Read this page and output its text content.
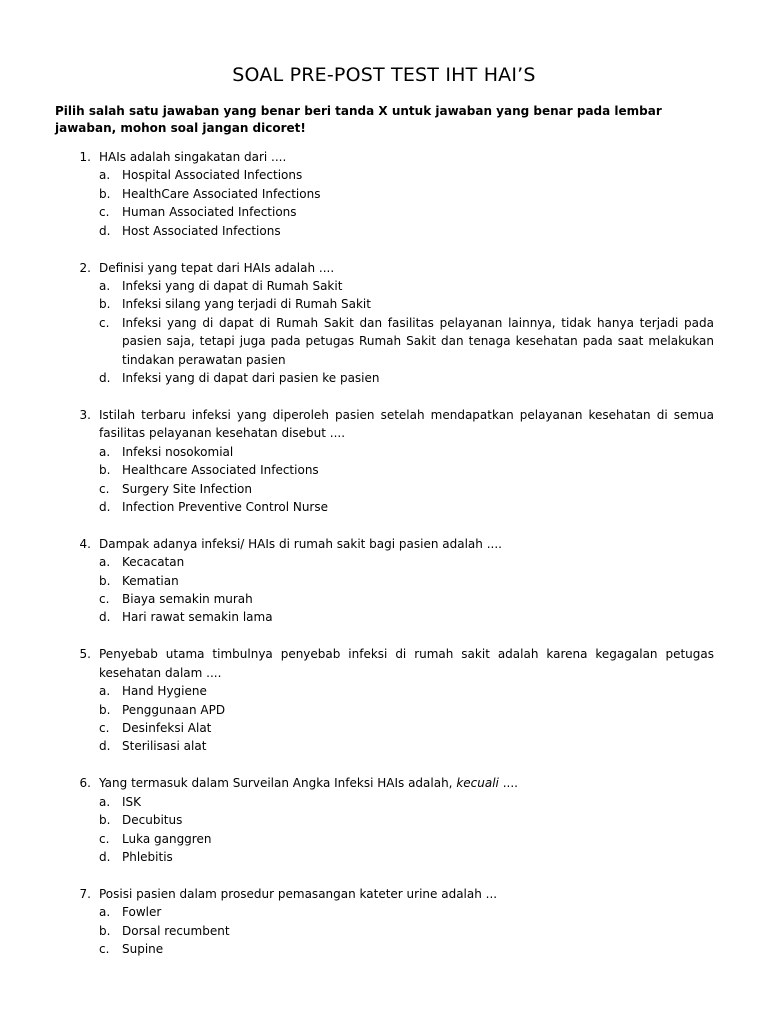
SOAL PRE-POST TEST IHT HAI’S
Pilih salah satu jawaban yang benar beri tanda X untuk jawaban yang benar pada lembar jawaban, mohon soal jangan dicoret!
1. HAIs adalah singakatan dari ....
a. Hospital Associated Infections
b. HealthCare Associated Infections
c.	Human Associated Infections
d. Host Associated Infections
2. Definisi yang tepat dari HAIs adalah ....
a. Infeksi yang di dapat di Rumah Sakit
b. Infeksi silang yang terjadi di Rumah Sakit
c.	Infeksi yang di dapat di Rumah Sakit dan fasilitas pelayanan lainnya, tidak hanya terjadi pada pasien saja, tetapi juga pada petugas Rumah Sakit dan tenaga kesehatan pada saat melakukan tindakan perawatan pasien
d. Infeksi yang di dapat dari pasien ke pasien
3. Istilah terbaru infeksi yang diperoleh pasien setelah mendapatkan pelayanan kesehatan di semua fasilitas pelayanan kesehatan disebut ....
a. Infeksi nosokomial
b. Healthcare Associated Infections
c.	Surgery Site Infection
d. Infection Preventive Control Nurse
4. Dampak adanya infeksi/ HAIs di rumah sakit bagi pasien adalah ....
a. Kecacatan
b. Kematian
c.	Biaya semakin murah
d. Hari rawat semakin lama
5. Penyebab utama timbulnya penyebab infeksi di rumah sakit adalah karena kegagalan petugas kesehatan dalam ....
a. Hand Hygiene
b. Penggunaan APD
c.	Desinfeksi Alat
d. Sterilisasi alat
6. Yang termasuk dalam Surveilan Angka Infeksi HAIs adalah, kecuali ....
a. ISK
b. Decubitus
c.	Luka ganggren
d. Phlebitis
7. Posisi pasien dalam prosedur pemasangan kateter urine adalah ...
a. Fowler
b. Dorsal recumbent
c.	Supine
